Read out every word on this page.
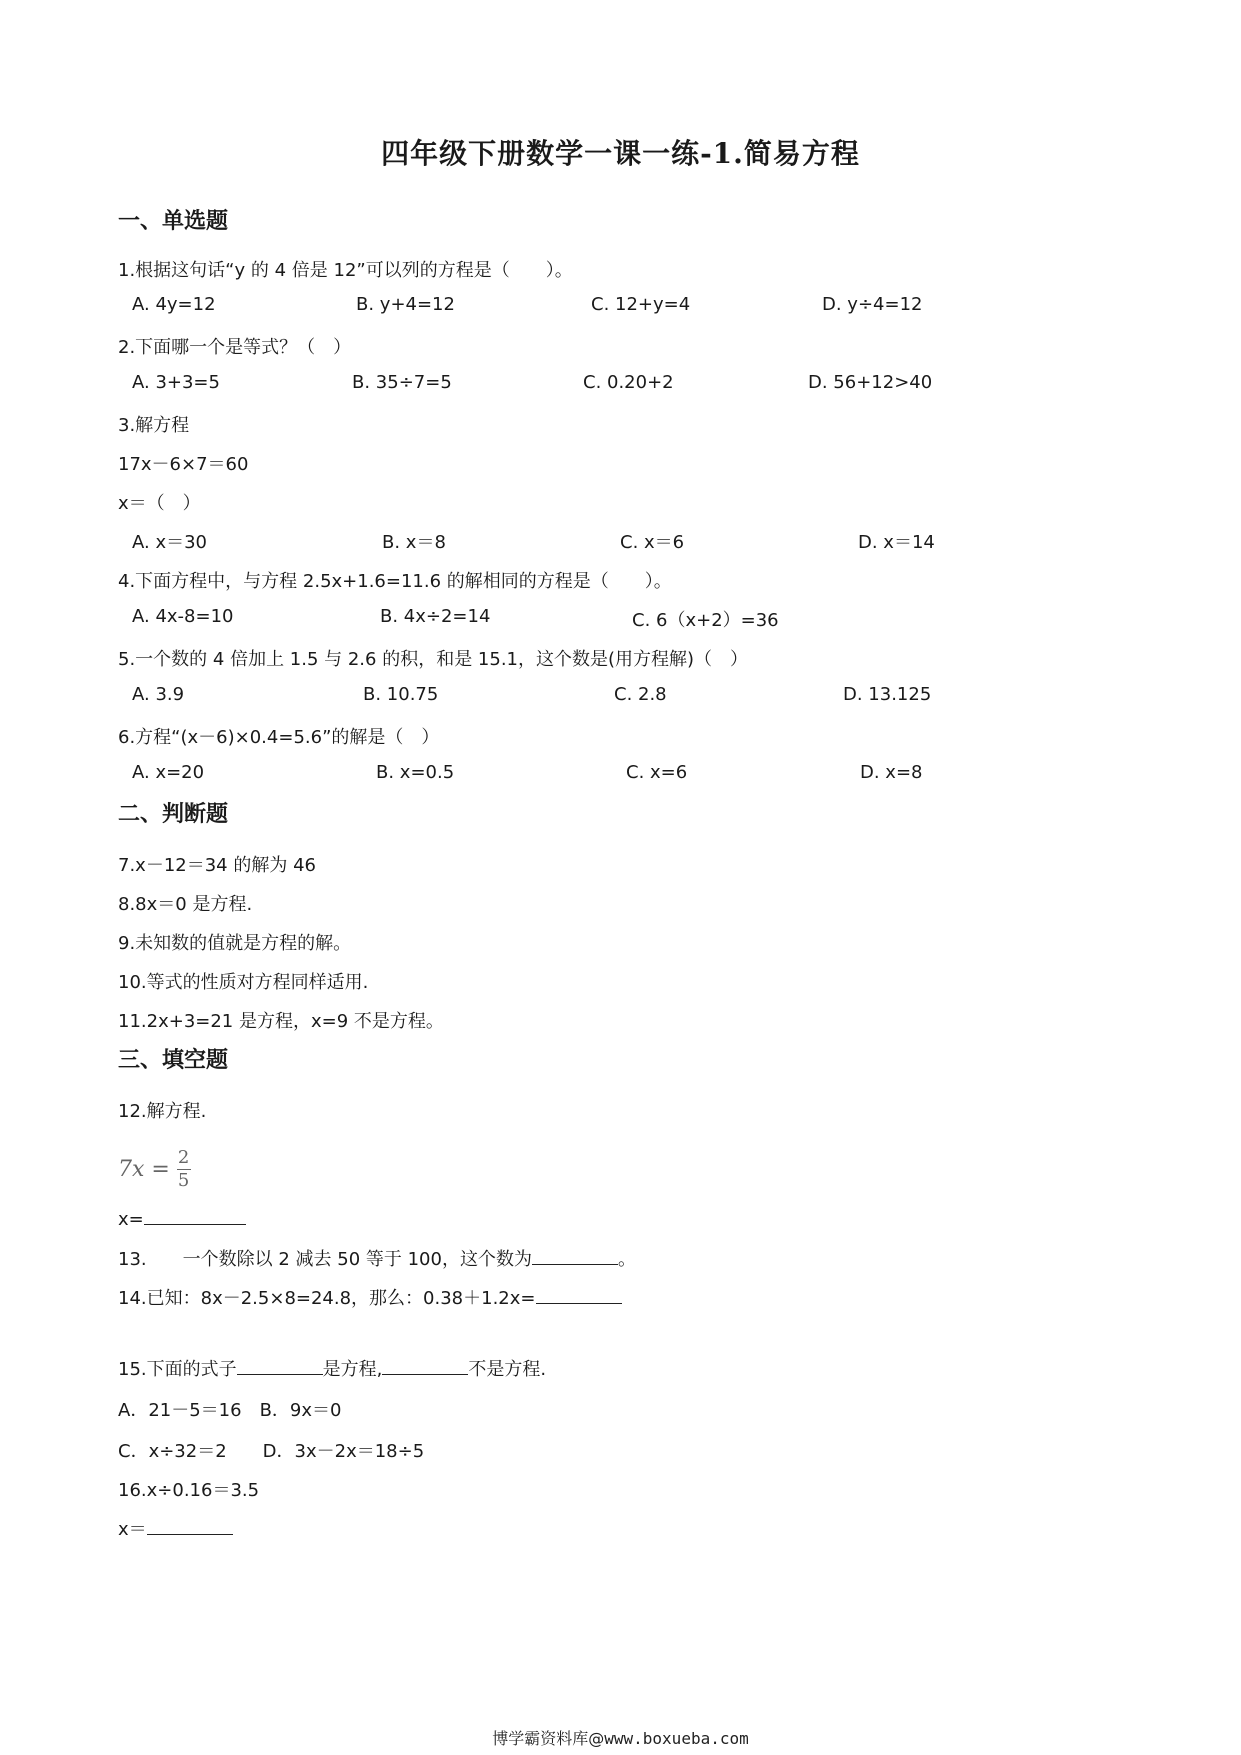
四年级下册数学一课一练-1.简易方程
一、单选题
1.根据这句话“y 的 4 倍是 12”可以列的方程是（　　）。
A. 4y=12	B. y+4=12	C. 12+y=4	D. y÷4=12
2.下面哪一个是等式？（　）
A. 3+3=5	B. 35÷7=5	C. 0.20+2	D. 56+12>40
3.解方程
17x－6×7＝60
x＝（　）
A. x＝30	B. x＝8	C. x＝6	D. x＝14
4.下面方程中，与方程 2.5x+1.6=11.6 的解相同的方程是（　　）。
A. 4x-8=10	B. 4x÷2=14	C. 6（x+2）=36
5.一个数的 4 倍加上 1.5 与 2.6 的积，和是 15.1，这个数是(用方程解)（　）
A. 3.9	B. 10.75	C. 2.8	D. 13.125
6.方程“(x－6)×0.4=5.6”的解是（　）
A. x=20	B. x=0.5	C. x=6	D. x=8
二、判断题
7.x－12＝34 的解为 46
8.8x＝0 是方程.
9.未知数的值就是方程的解。
10.等式的性质对方程同样适用.
11.2x+3=21 是方程，x=9 不是方程。
三、填空题
12.解方程.
$7x = \frac{2}{5}$
x=
13.　　一个数除以 2 减去 50 等于 100，这个数为	。
14.已知：8x－2.5×8=24.8，那么：0.38＋1.2x=
15.下面的式子	是方程,	不是方程.
A．21－5＝16　B．9x＝0
C．x÷32＝2　　D．3x－2x＝18÷5
16.x÷0.16＝3.5
x＝
博学霸资料库@www.boxueba.com
